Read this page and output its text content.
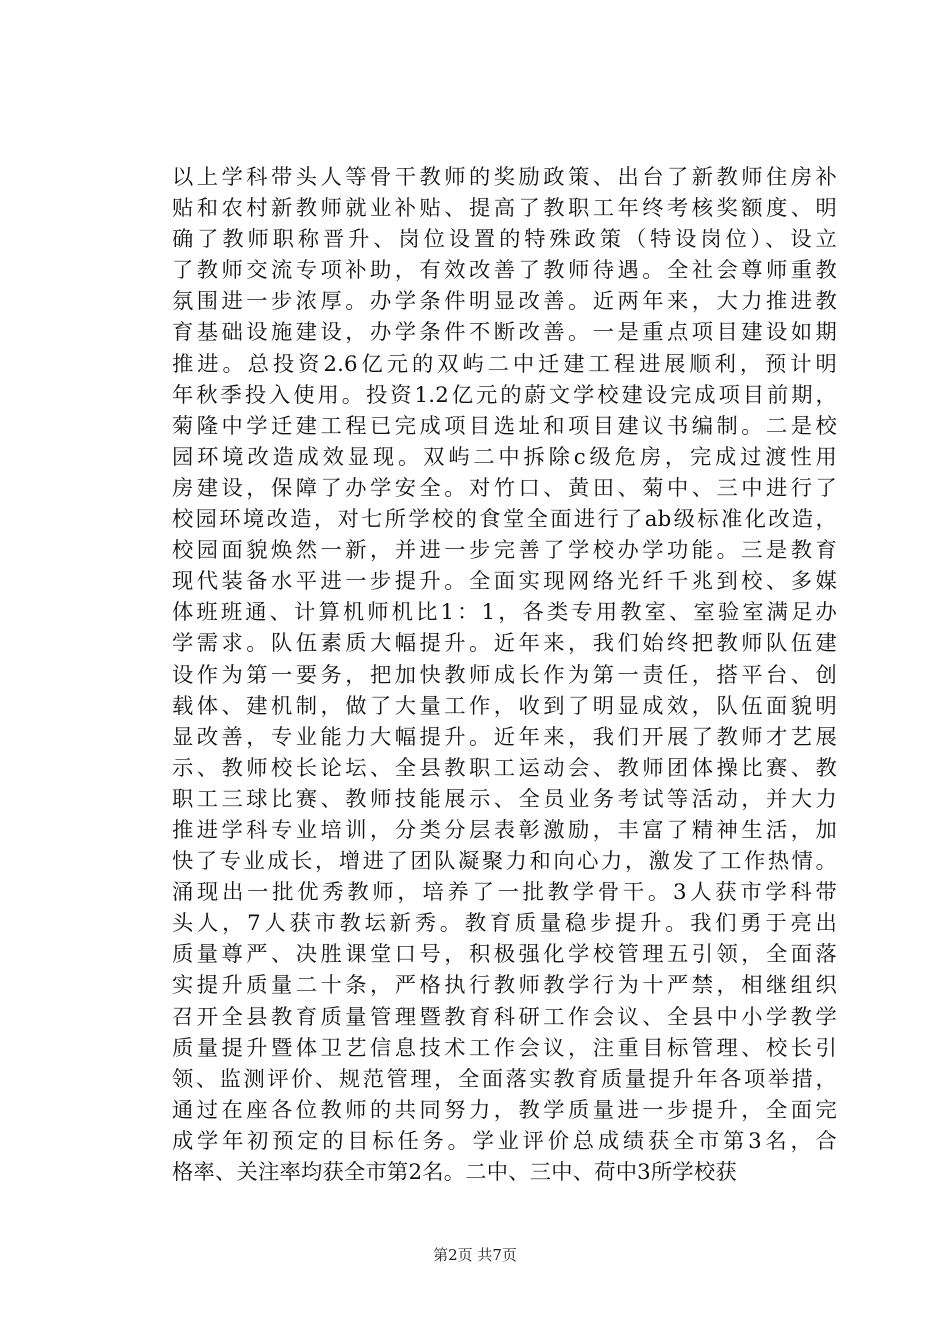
以上学科带头人等骨干教师的奖励政策、出台了新教师住房补
贴和农村新教师就业补贴、提高了教职工年终考核奖额度、明
确了教师职称晋升、岗位设置的特殊政策（特设岗位）、设立
了教师交流专项补助，有效改善了教师待遇。全社会尊师重教
氛围进一步浓厚。办学条件明显改善。近两年来，大力推进教
育基础设施建设，办学条件不断改善。一是重点项目建设如期
推进。总投资2.6亿元的双屿二中迁建工程进展顺利，预计明
年秋季投入使用。投资1.2亿元的蔚文学校建设完成项目前期，
菊隆中学迁建工程已完成项目选址和项目建议书编制。二是校
园环境改造成效显现。双屿二中拆除c级危房，完成过渡性用
房建设，保障了办学安全。对竹口、黄田、菊中、三中进行了
校园环境改造，对七所学校的食堂全面进行了ab级标准化改造，
校园面貌焕然一新，并进一步完善了学校办学功能。三是教育
现代装备水平进一步提升。全面实现网络光纤千兆到校、多媒
体班班通、计算机师机比1：1，各类专用教室、室验室满足办
学需求。队伍素质大幅提升。近年来，我们始终把教师队伍建
设作为第一要务，把加快教师成长作为第一责任，搭平台、创
载体、建机制，做了大量工作，收到了明显成效，队伍面貌明
显改善，专业能力大幅提升。近年来，我们开展了教师才艺展
示、教师校长论坛、全县教职工运动会、教师团体操比赛、教
职工三球比赛、教师技能展示、全员业务考试等活动，并大力
推进学科专业培训，分类分层表彰激励，丰富了精神生活，加
快了专业成长，增进了团队凝聚力和向心力，激发了工作热情。
涌现出一批优秀教师，培养了一批教学骨干。3人获市学科带
头人，7人获市教坛新秀。教育质量稳步提升。我们勇于亮出
质量尊严、决胜课堂口号，积极强化学校管理五引领，全面落
实提升质量二十条，严格执行教师教学行为十严禁，相继组织
召开全县教育质量管理暨教育科研工作会议、全县中小学教学
质量提升暨体卫艺信息技术工作会议，注重目标管理、校长引
领、监测评价、规范管理，全面落实教育质量提升年各项举措，
通过在座各位教师的共同努力，教学质量进一步提升，全面完
成学年初预定的目标任务。学业评价总成绩获全市第3名，合
格率、关注率均获全市第2名。二中、三中、荷中3所学校获
第2页 共7页
